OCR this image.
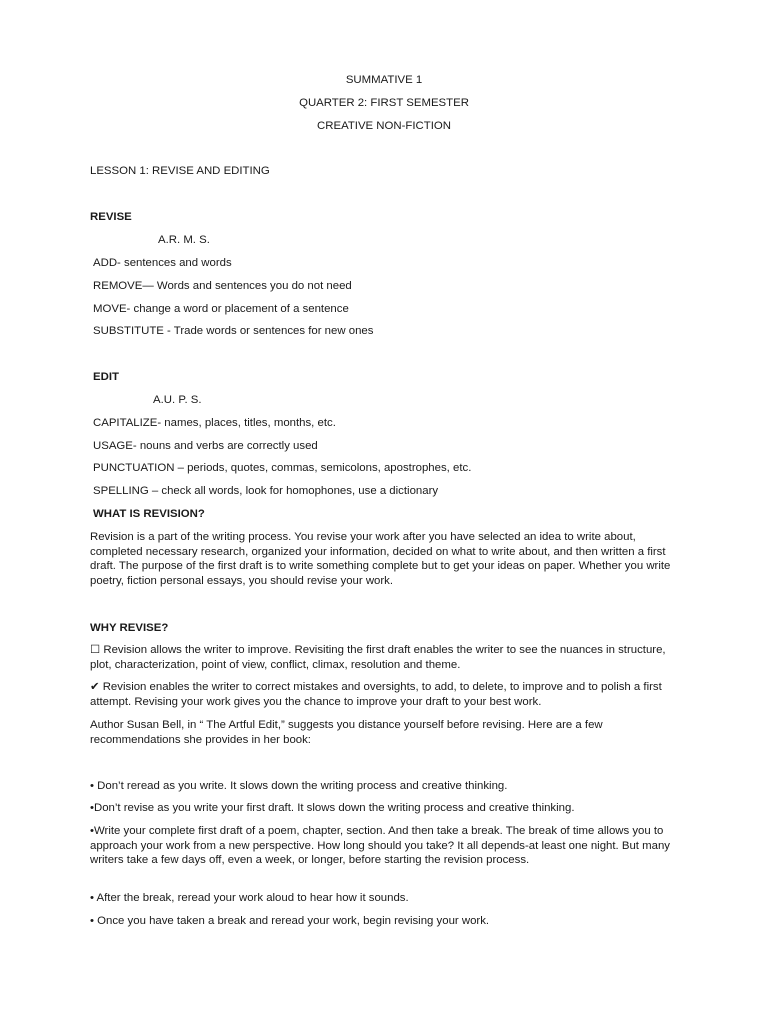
SUMMATIVE 1

QUARTER 2: FIRST SEMESTER

CREATIVE NON-FICTION

LESSON 1: REVISE AND EDITING

REVISE

A.R. M. S.

ADD- sentences and words

REMOVE— Words and sentences you do not need

MOVE- change a word or placement of a sentence

SUBSTITUTE - Trade words or sentences for new ones

EDIT

A.U. P. S.

CAPITALIZE- names, places, titles, months, etc.

USAGE- nouns and verbs are correctly used

PUNCTUATION – periods, quotes, commas, semicolons, apostrophes, etc.

SPELLING – check all words, look for homophones, use a dictionary

WHAT IS REVISION?

Revision is a part of the writing process. You revise your work after you have selected an idea to write about, completed necessary research, organized your information, decided on what to write about, and then written a first draft. The purpose of the first draft is to write something complete but to get your ideas on paper. Whether you write poetry, fiction personal essays, you should revise your work.

WHY REVISE?

☐ Revision allows the writer to improve. Revisiting the first draft enables the writer to see the nuances in structure, plot, characterization, point of view, conflict, climax, resolution and theme.

✔ Revision enables the writer to correct mistakes and oversights, to add, to delete, to improve and to polish a first attempt. Revising your work gives you the chance to improve your draft to your best work.

Author Susan Bell, in “ The Artful Edit,” suggests you distance yourself before revising. Here are a few recommendations she provides in her book:

• Don’t reread as you write. It slows down the writing process and creative thinking.

•Don’t revise as you write your first draft. It slows down the writing process and creative thinking.

•Write your complete first draft of a poem, chapter, section. And then take a break. The break of time allows you to approach your work from a new perspective. How long should you take? It all depends-at least one night. But many writers take a few days off, even a week, or longer, before starting the revision process.

• After the break, reread your work aloud to hear how it sounds.

• Once you have taken a break and reread your work, begin revising your work.
